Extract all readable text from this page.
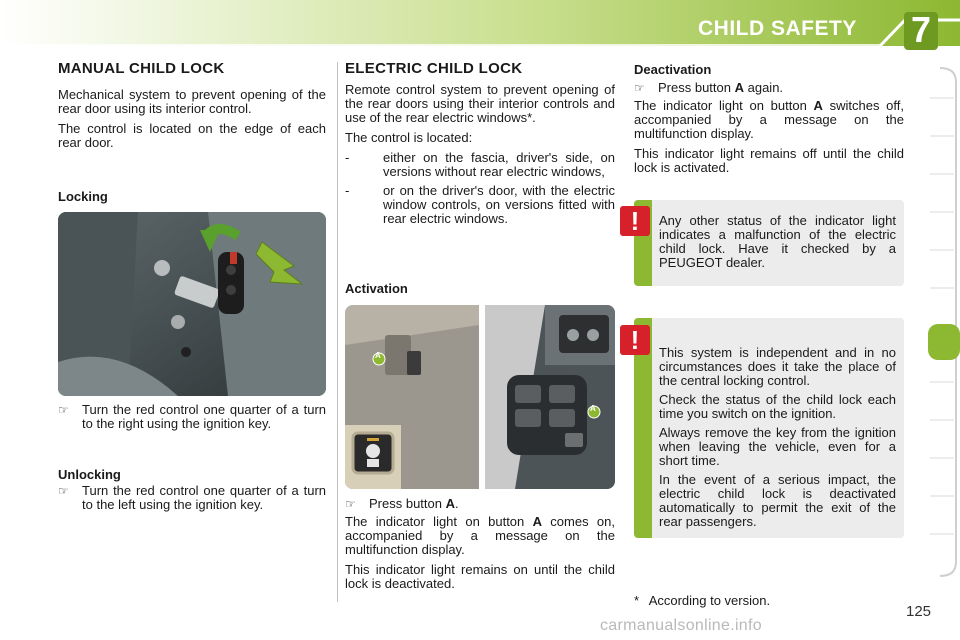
CHILD SAFETY 7
MANUAL CHILD LOCK

Mechanical system to prevent opening of the rear door using its interior control.

The control is located on the edge of each rear door.

Locking
☞ Turn the red control one quarter of a turn to the right using the ignition key.
Unlocking
☞ Turn the red control one quarter of a turn to the left using the ignition key.
ELECTRIC CHILD LOCK

Remote control system to prevent opening of the rear doors using their interior controls and use of the rear electric windows*.

The control is located:

-	either on the fascia, driver's side, on versions without rear electric windows,
-	or on the driver's door, with the electric window controls, on versions fitted with rear electric windows.
Activation
A
A
☞ Press button A.

The indicator light on button A comes on, accompanied by a message on the multifunction display.

This indicator light remains on until the child lock is deactivated.

Deactivation
☞ Press button A again.

The indicator light on button A switches off, accompanied by a message on the multifunction display.

This indicator light remains off until the child lock is activated.

!	Any other status of the indicator light indicates a malfunction of the electric child lock. Have it checked by a PEUGEOT dealer.

!	This system is independent and in no circumstances does it take the place of the central locking control.

Check the status of the child lock each time you switch on the ignition.

Always remove the key from the ignition when leaving the vehicle, even for a short time.

In the event of a serious impact, the electric child lock is deactivated automatically to permit the exit of the rear passengers.

* According to version.
125
carmanualsonline.info
